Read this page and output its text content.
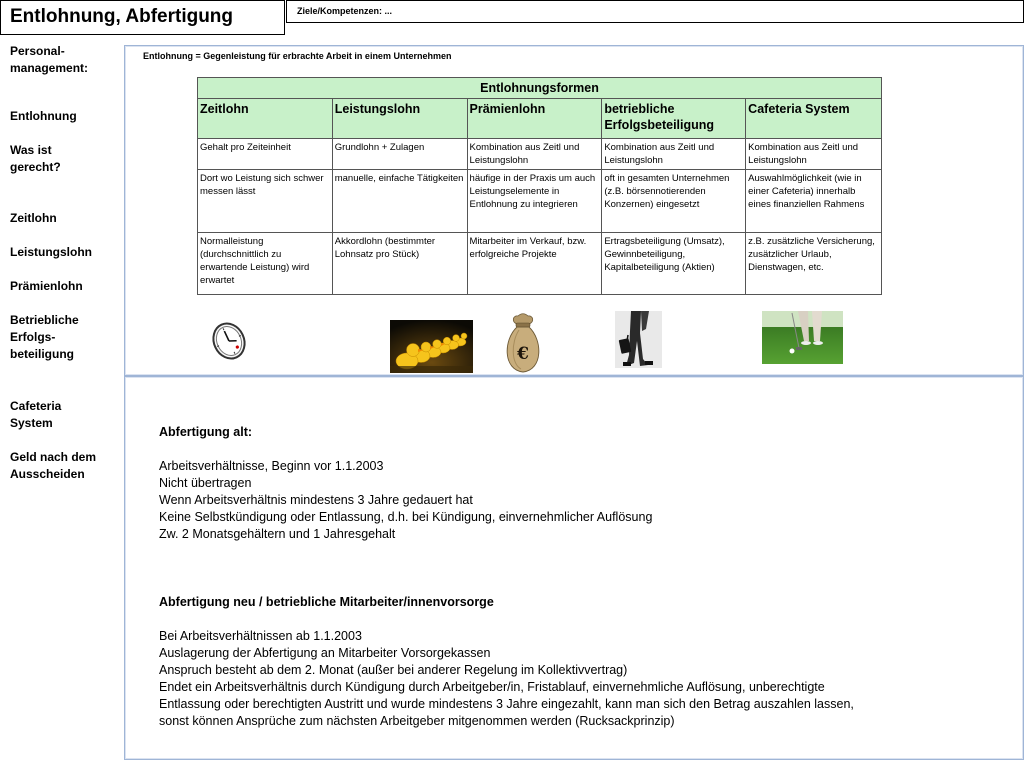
Entlohnung, Abfertigung	Ziele/Kompetenzen: ...
Personal-
management:
Entlohnung
Was ist
gerecht?
Zeitlohn
Leistungslohn
Prämienlohn
Betriebliche
Erfolgs-
beteiligung
Cafeteria
System
Geld nach dem
Ausscheiden
Entlohnung = Gegenleistung für erbrachte Arbeit in einem Unternehmen
Entlohnungsformen				
Zeitlohn	Leistungslohn	Prämienlohn	betriebliche Erfolgsbeteiligung	Cafeteria System
Gehalt pro Zeiteinheit	Grundlohn + Zulagen	Kombination aus Zeitl und Leistungslohn	Kombination aus Zeitl und Leistungslohn	Kombination aus Zeitl und Leistungslohn
Dort wo Leistung sich schwer messen lässt	manuelle, einfache Tätigkeiten	häufige in der Praxis um auch Leistungselemente in Entlohnung zu integrieren	oft in gesamten Unternehmen (z.B. börsennotierenden Konzernen) eingesetzt	Auswahlmöglichkeit (wie in einer Cafeteria) innerhalb eines finanziellen Rahmens
Normalleistung (durchschnittlich zu erwartende Leistung) wird erwartet	Akkordlohn (bestimmter Lohnsatz pro Stück)	Mitarbeiter im Verkauf, bzw. erfolgreiche Projekte	Ertragsbeteiligung (Umsatz), Gewinnbeteiligung, Kapitalbeteiligung (Aktien)	z.B. zusätzliche Versicherung, zusätzlicher Urlaub, Dienstwagen, etc.
€
Abfertigung alt:
Arbeitsverhältnisse, Beginn vor 1.1.2003
Nicht übertragen
Wenn Arbeitsverhältnis mindestens 3 Jahre gedauert hat
Keine Selbstkündigung oder Entlassung, d.h. bei Kündigung, einvernehmlicher Auflösung
Zw. 2 Monatsgehältern und 1 Jahresgehalt
Abfertigung neu / betriebliche Mitarbeiter/innenvorsorge
Bei Arbeitsverhältnissen ab 1.1.2003
Auslagerung der Abfertigung an Mitarbeiter Vorsorgekassen
Anspruch besteht ab dem 2. Monat (außer bei anderer Regelung im Kollektivvertrag)
Endet ein Arbeitsverhältnis durch Kündigung durch Arbeitgeber/in, Fristablauf, einvernehmliche Auflösung, unberechtigte
Entlassung oder berechtigten Austritt und wurde mindestens 3 Jahre eingezahlt, kann man sich den Betrag auszahlen lassen,
sonst können Ansprüche zum nächsten Arbeitgeber mitgenommen werden (Rucksackprinzip)
